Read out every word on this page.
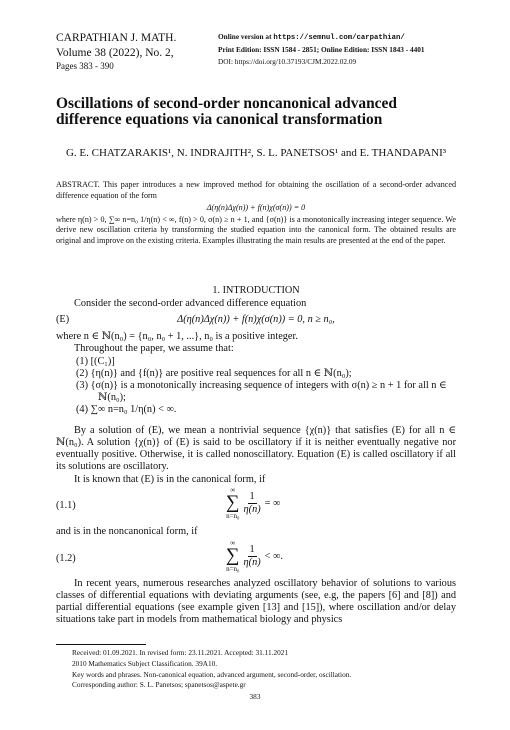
CARPATHIAN J. MATH.
Volume 38 (2022), No. 2,
Pages 383 - 390
Online version at https://semnul.com/carpathian/
Print Edition: ISSN 1584 - 2851; Online Edition: ISSN 1843 - 4401
DOI: https://doi.org/10.37193/CJM.2022.02.09
Oscillations of second-order noncanonical advanced difference equations via canonical transformation
G. E. CHATZARAKIS¹, N. INDRAJITH², S. L. PANETSOS¹ and E. THANDAPANI³
ABSTRACT. This paper introduces a new improved method for obtaining the oscillation of a second-order advanced difference equation of the form
Δ(η(n)Δχ(n)) + f(n)χ(σ(n)) = 0
where η(n) > 0, ∑∞ n=n₀ 1/η(n) < ∞, f(n) > 0, σ(n) ≥ n + 1, and {σ(n)} is a monotonically increasing integer sequence. We derive new oscillation criteria by transforming the studied equation into the canonical form. The obtained results are original and improve on the existing criteria. Examples illustrating the main results are presented at the end of the paper.
1. INTRODUCTION
Consider the second-order advanced difference equation
(E)	Δ(η(n)Δχ(n)) + f(n)χ(σ(n)) = 0, n ≥ n₀,
where n ∈ ℕ(n₀) = {n₀, n₀ + 1, ...}, n₀ is a positive integer.
Throughout the paper, we assume that:
(1) [(C₁)]
(2) {η(n)} and {f(n)} are positive real sequences for all n ∈ ℕ(n₀);
(3) {σ(n)} is a monotonically increasing sequence of integers with σ(n) ≥ n + 1 for all n ∈ ℕ(n₀);
(4) ∑∞ n=n₀ 1/η(n) < ∞.
By a solution of (E), we mean a nontrivial sequence {χ(n)} that satisfies (E) for all n ∈ ℕ(n₀). A solution {χ(n)} of (E) is said to be oscillatory if it is neither eventually negative nor eventually positive. Otherwise, it is called nonoscillatory. Equation (E) is called oscillatory if all its solutions are oscillatory.
It is known that (E) is in the canonical form, if
(1.1)
∞
∑
n=n₀
$\frac{1}{\eta(n)}$ = ∞
and is in the noncanonical form, if
(1.2)
∞
∑
n=n₀
$\frac{1}{\eta(n)}$ < ∞.
In recent years, numerous researches analyzed oscillatory behavior of solutions to various classes of differential equations with deviating arguments (see, e.g, the papers [6] and [8]) and partial differential equations (see example given [13] and [15]), where oscillation and/or delay situations take part in models from mathematical biology and physics
Received: 01.09.2021. In revised form: 23.11.2021. Accepted: 31.11.2021
2010 Mathematics Subject Classification. 39A10.
Key words and phrases. Non-canonical equation, advanced argument, second-order, oscillation.
Corresponding author: S. L. Panetsos; spanetsos@aspete.gr
383
